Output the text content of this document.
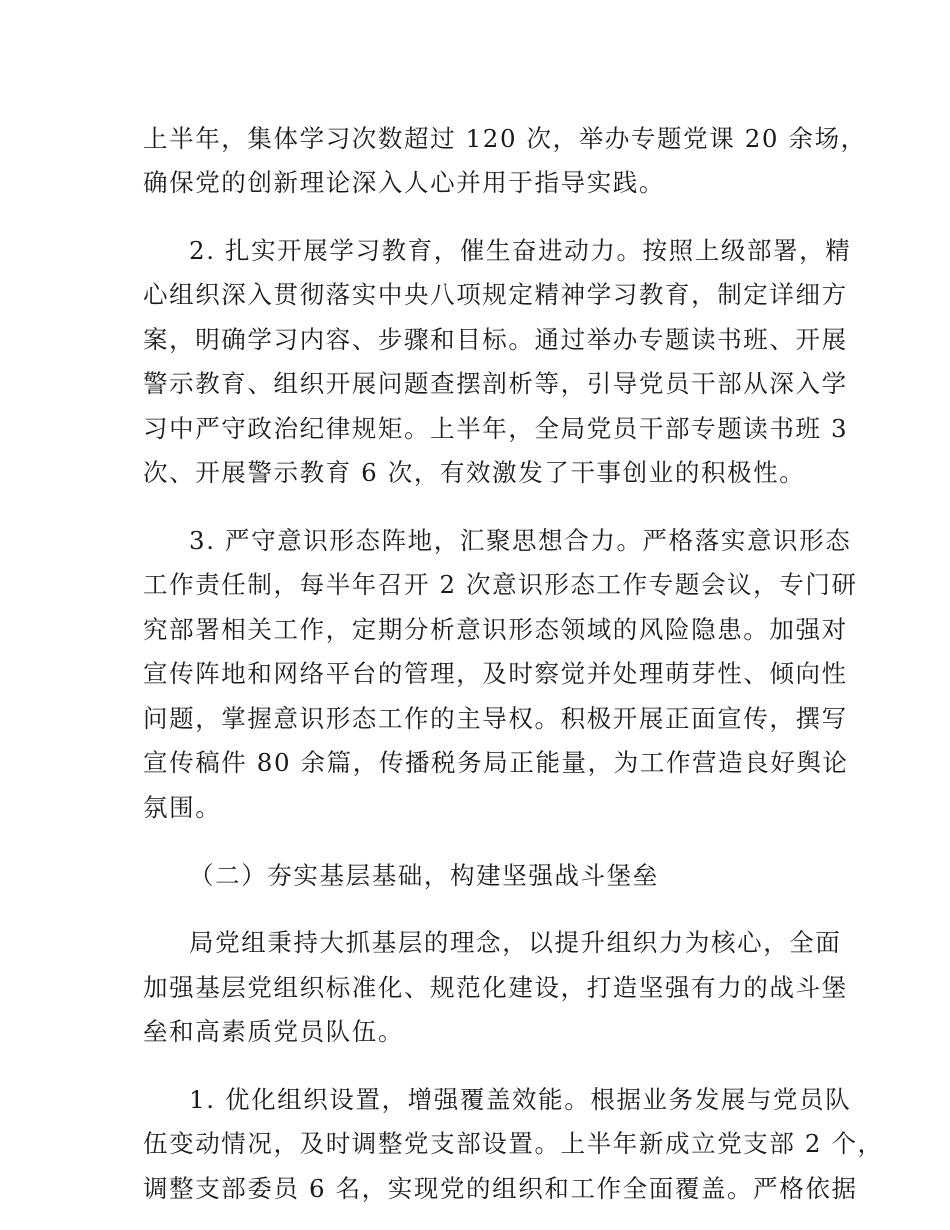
上半年，集体学习次数超过 120 次，举办专题党课 20 余场，
确保党的创新理论深入人心并用于指导实践。
2. 扎实开展学习教育，催生奋进动力。按照上级部署，精
心组织深入贯彻落实中央八项规定精神学习教育，制定详细方
案，明确学习内容、步骤和目标。通过举办专题读书班、开展
警示教育、组织开展问题查摆剖析等，引导党员干部从深入学
习中严守政治纪律规矩。上半年，全局党员干部专题读书班 3
次、开展警示教育 6 次，有效激发了干事创业的积极性。
3. 严守意识形态阵地，汇聚思想合力。严格落实意识形态
工作责任制，每半年召开 2 次意识形态工作专题会议，专门研
究部署相关工作，定期分析意识形态领域的风险隐患。加强对
宣传阵地和网络平台的管理，及时察觉并处理萌芽性、倾向性
问题，掌握意识形态工作的主导权。积极开展正面宣传，撰写
宣传稿件 80 余篇，传播税务局正能量，为工作营造良好舆论
氛围。
（二）夯实基层基础，构建坚强战斗堡垒
局党组秉持大抓基层的理念，以提升组织力为核心，全面
加强基层党组织标准化、规范化建设，打造坚强有力的战斗堡
垒和高素质党员队伍。
1. 优化组织设置，增强覆盖效能。根据业务发展与党员队
伍变动情况，及时调整党支部设置。上半年新成立党支部 2 个，
调整支部委员 6 名，实现党的组织和工作全面覆盖。严格依据
